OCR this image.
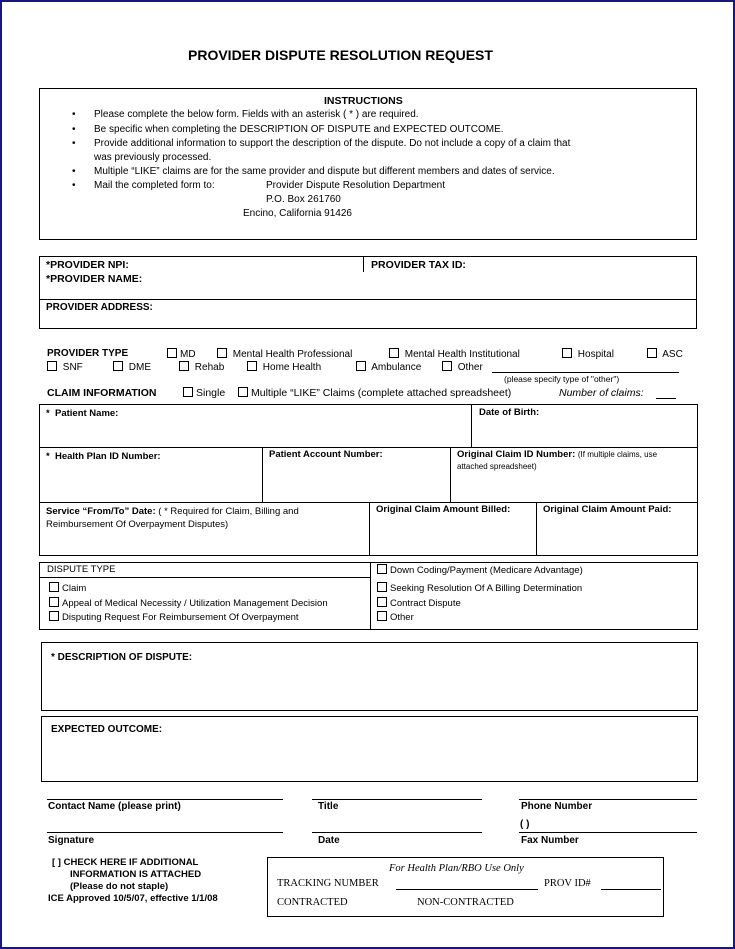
PROVIDER DISPUTE RESOLUTION REQUEST
INSTRUCTIONS
• Please complete the below form. Fields with an asterisk ( * ) are required.
• Be specific when completing the DESCRIPTION OF DISPUTE and EXPECTED OUTCOME.
• Provide additional information to support the description of the dispute. Do not include a copy of a claim that
was previously processed.
• Multiple “LIKE” claims are for the same provider and dispute but different members and dates of service.
• Mail the completed form to:	Provider Dispute Resolution Department
P.O. Box 261760
Encino, California 91426
*PROVIDER NPI:	PROVIDER TAX ID:
*PROVIDER NAME:
PROVIDER ADDRESS:
PROVIDER TYPE	MD	Mental Health Professional	Mental Health Institutional	Hospital	ASC
SNF	DME	Rehab	Home Health	Ambulance	Other
(please specify type of "other")
CLAIM INFORMATION	Single	Multiple “LIKE” Claims (complete attached spreadsheet)	Number of claims:
* Patient Name:	Date of Birth:
* Health Plan ID Number:	Patient Account Number:	Original Claim ID Number: (If multiple claims, use
attached spreadsheet)
Service “From/To” Date: ( * Required for Claim, Billing and
Reimbursement Of Overpayment Disputes)
Original Claim Amount Billed:	Original Claim Amount Paid:
DISPUTE TYPE
Claim
Appeal of Medical Necessity / Utilization Management Decision
Disputing Request For Reimbursement Of Overpayment
Down Coding/Payment (Medicare Advantage)
Seeking Resolution Of A Billing Determination
Contract Dispute
Other
* DESCRIPTION OF DISPUTE:
EXPECTED OUTCOME:
Contact Name (please print)	Title	Phone Number
( )
Signature	Date	Fax Number
[ ] CHECK HERE IF ADDITIONAL
INFORMATION IS ATTACHED
(Please do not staple)
ICE Approved 10/5/07, effective 1/1/08
For Health Plan/RBO Use Only
TRACKING NUMBER	PROV ID#
CONTRACTED	NON-CONTRACTED
